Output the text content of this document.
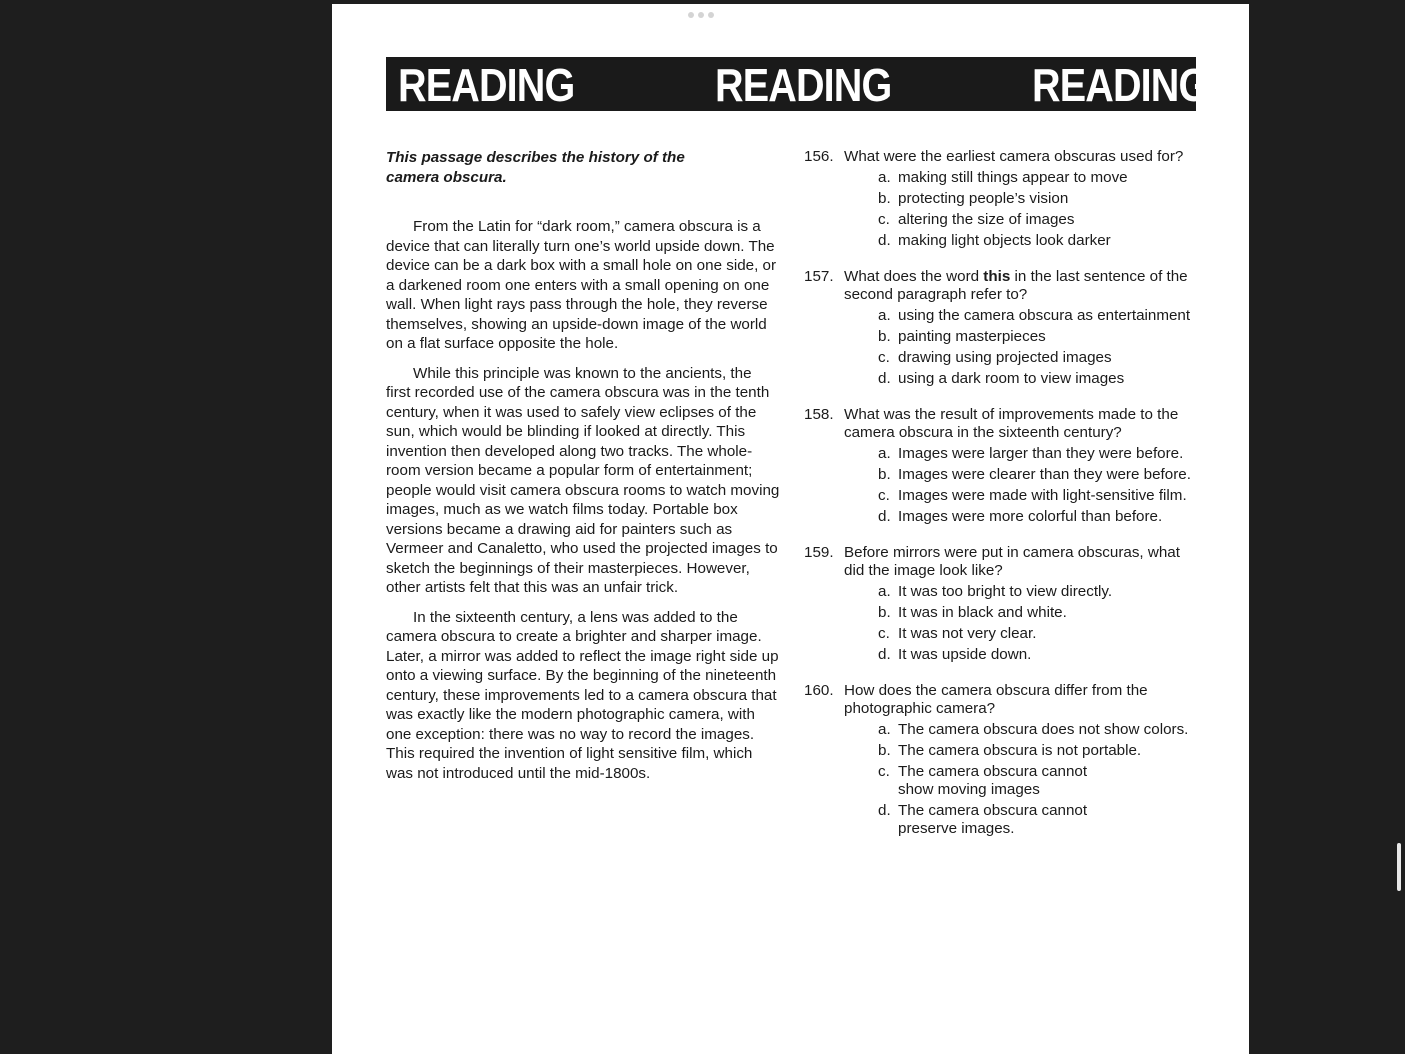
READING	READING	READING

This passage describes the history of the camera obscura.

From the Latin for “dark room,” camera obscura is a device that can literally turn one’s world upside down. The device can be a dark box with a small hole on one side, or a darkened room one enters with a small opening on one wall. When light rays pass through the hole, they reverse themselves, showing an upside-down image of the world on a flat surface opposite the hole.

While this principle was known to the ancients, the first recorded use of the camera obscura was in the tenth century, when it was used to safely view eclipses of the sun, which would be blinding if looked at directly. This invention then developed along two tracks. The whole-room version became a popular form of entertainment; people would visit camera obscura rooms to watch moving images, much as we watch films today. Portable box versions became a drawing aid for painters such as Vermeer and Canaletto, who used the projected images to sketch the beginnings of their masterpieces. However, other artists felt that this was an unfair trick.

In the sixteenth century, a lens was added to the camera obscura to create a brighter and sharper image. Later, a mirror was added to reflect the image right side up onto a viewing surface. By the beginning of the nineteenth century, these improvements led to a camera obscura that was exactly like the modern photographic camera, with one exception: there was no way to record the images. This required the invention of light sensitive film, which was not introduced until the mid-1800s.

156. What were the earliest camera obscuras used for?
a. making still things appear to move
b. protecting people’s vision
c. altering the size of images
d. making light objects look darker
157. What does the word this in the last sentence of the second paragraph refer to?
a. using the camera obscura as entertainment
b. painting masterpieces
c. drawing using projected images
d. using a dark room to view images
158. What was the result of improvements made to the camera obscura in the sixteenth century?
a. Images were larger than they were before.
b. Images were clearer than they were before.
c. Images were made with light-sensitive film.
d. Images were more colorful than before.
159. Before mirrors were put in camera obscuras, what did the image look like?
a. It was too bright to view directly.
b. It was in black and white.
c. It was not very clear.
d. It was upside down.
160. How does the camera obscura differ from the photographic camera?
a. The camera obscura does not show colors.
b. The camera obscura is not portable.
c. The camera obscura cannot show moving images
d. The camera obscura cannot preserve images.
